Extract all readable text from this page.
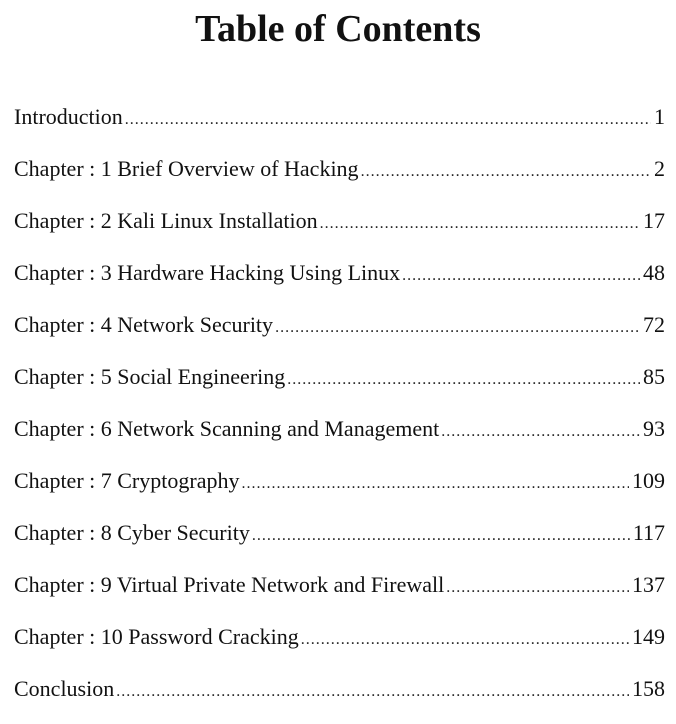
Table of Contents
Introduction .....	1
Chapter : 1 Brief Overview of Hacking .....	2
Chapter : 2 Kali Linux Installation .....	17
Chapter : 3 Hardware Hacking Using Linux .....	48
Chapter : 4 Network Security .....	72
Chapter : 5 Social Engineering .....	85
Chapter : 6 Network Scanning and Management .....	93
Chapter : 7 Cryptography .....	109
Chapter : 8 Cyber Security .....	117
Chapter : 9 Virtual Private Network and Firewall .....	137
Chapter : 10 Password Cracking .....	149
Conclusion .....	158
